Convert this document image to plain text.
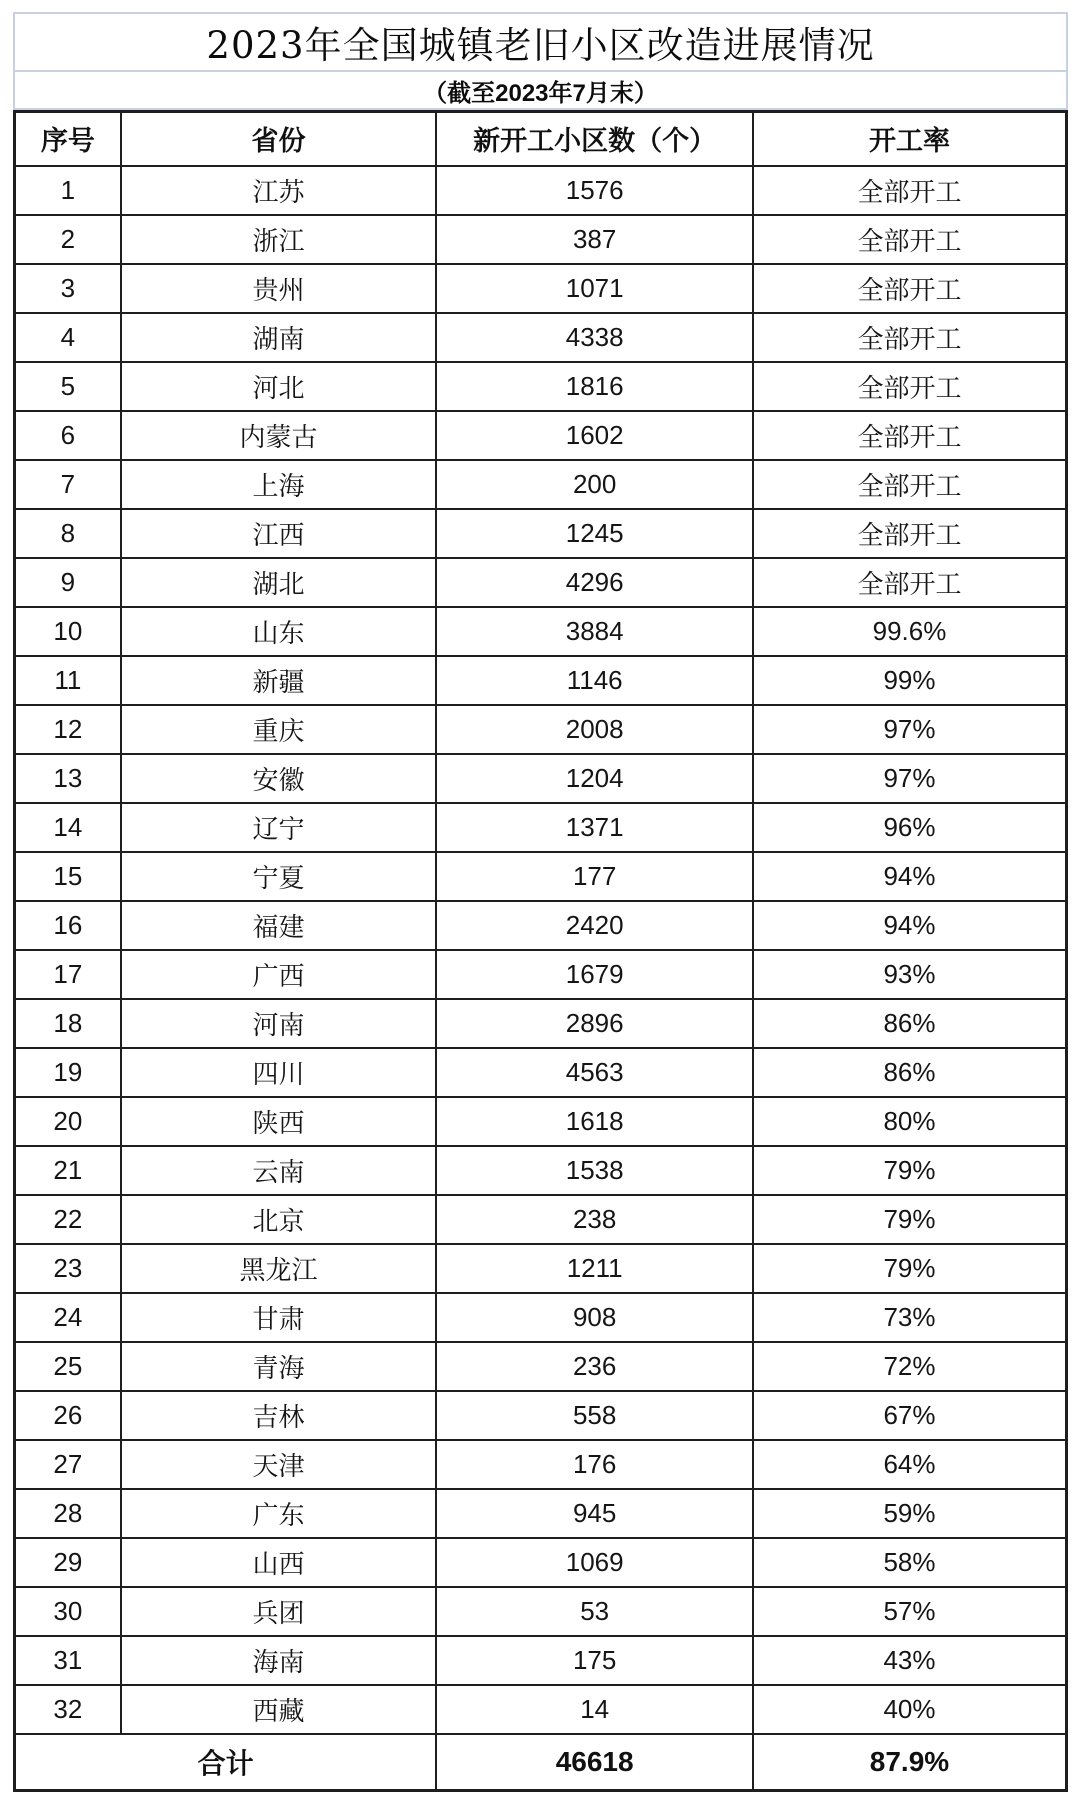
2023年全国城镇老旧小区改造进展情况
（截至2023年7月末）
序号	省份	新开工小区数（个）	开工率
1	江苏	1576	全部开工
2	浙江	387	全部开工
3	贵州	1071	全部开工
4	湖南	4338	全部开工
5	河北	1816	全部开工
6	内蒙古	1602	全部开工
7	上海	200	全部开工
8	江西	1245	全部开工
9	湖北	4296	全部开工
10	山东	3884	99.6%
11	新疆	1146	99%
12	重庆	2008	97%
13	安徽	1204	97%
14	辽宁	1371	96%
15	宁夏	177	94%
16	福建	2420	94%
17	广西	1679	93%
18	河南	2896	86%
19	四川	4563	86%
20	陕西	1618	80%
21	云南	1538	79%
22	北京	238	79%
23	黑龙江	1211	79%
24	甘肃	908	73%
25	青海	236	72%
26	吉林	558	67%
27	天津	176	64%
28	广东	945	59%
29	山西	1069	58%
30	兵团	53	57%
31	海南	175	43%
32	西藏	14	40%
合计		46618	87.9%
